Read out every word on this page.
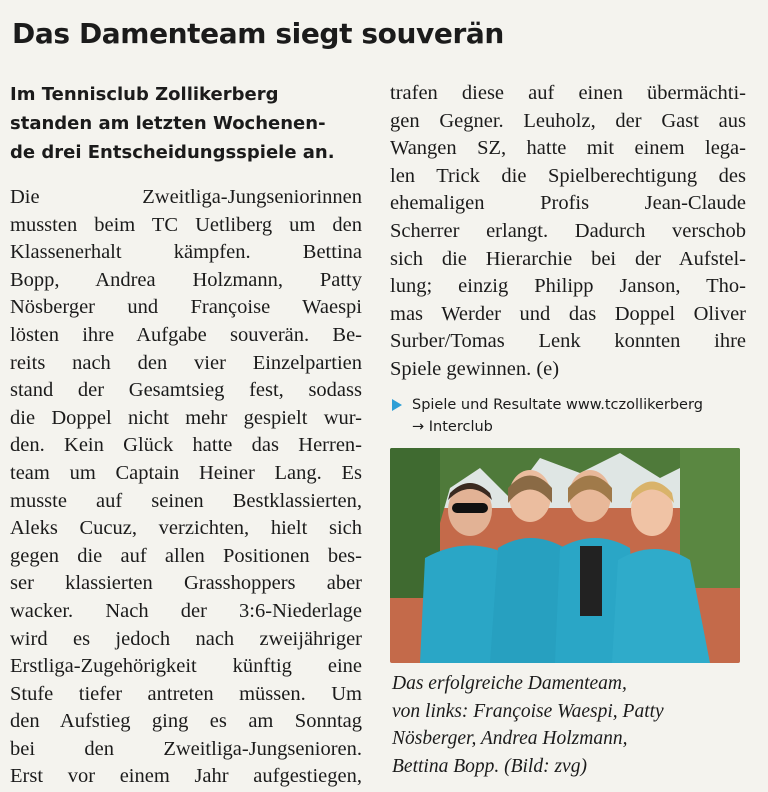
Das Damenteam siegt souverän
Im Tennisclub Zollikerberg
standen am letzten Wochenen-
de drei Entscheidungsspiele an.
Die Zweitliga-Jungseniorinnen
mussten beim TC Uetliberg um den
Klassenerhalt kämpfen. Bettina
Bopp, Andrea Holzmann, Patty
Nösberger und Françoise Waespi
lösten ihre Aufgabe souverän. Be-
reits nach den vier Einzelpartien
stand der Gesamtsieg fest, sodass
die Doppel nicht mehr gespielt wur-
den. Kein Glück hatte das Herren-
team um Captain Heiner Lang. Es
musste auf seinen Bestklassierten,
Aleks Cucuz, verzichten, hielt sich
gegen die auf allen Positionen bes-
ser klassierten Grasshoppers aber
wacker. Nach der 3:6-Niederlage
wird es jedoch nach zweijähriger
Erstliga-Zugehörigkeit künftig eine
Stufe tiefer antreten müssen. Um
den Aufstieg ging es am Sonntag
bei den Zweitliga-Jungsenioren.
Erst vor einem Jahr aufgestiegen,
trafen diese auf einen übermächti-
gen Gegner. Leuholz, der Gast aus
Wangen SZ, hatte mit einem lega-
len Trick die Spielberechtigung des
ehemaligen Profis Jean-Claude
Scherrer erlangt. Dadurch verschob
sich die Hierarchie bei der Aufstel-
lung; einzig Philipp Janson, Tho-
mas Werder und das Doppel Oliver
Surber/Tomas Lenk konnten ihre
Spiele gewinnen. (e)
Spiele und Resultate www.tczollikerberg
→ Interclub
Das erfolgreiche Damenteam,
von links: Françoise Waespi, Patty
Nösberger, Andrea Holzmann,
Bettina Bopp. (Bild: zvg)
